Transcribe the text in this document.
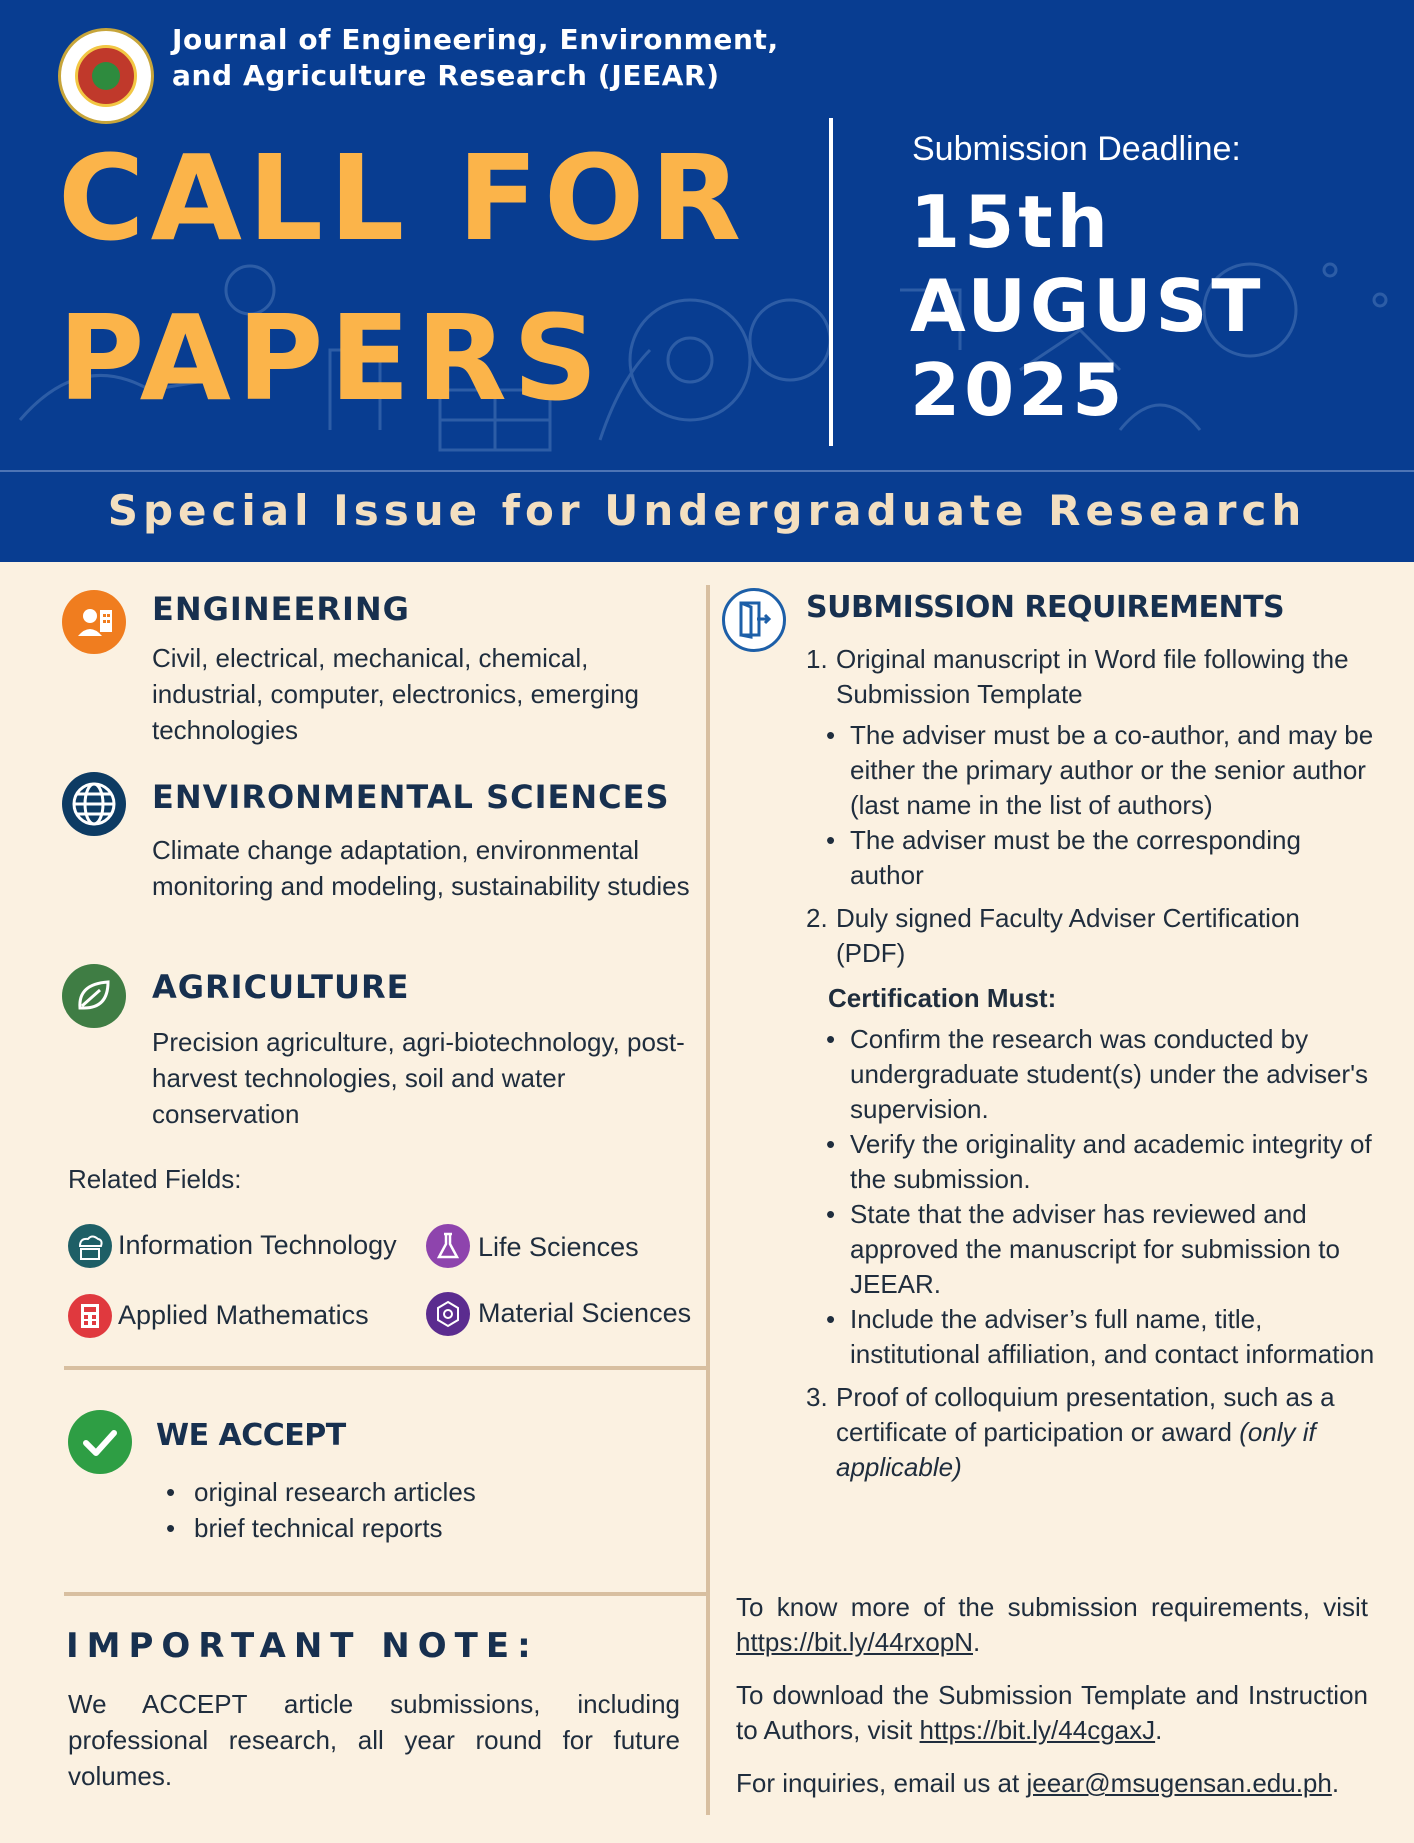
Journal of Engineering, Environment,
and Agriculture Research (JEEAR)
CALL FOR
PAPERS
Submission Deadline:
15th
AUGUST
2025
Special Issue for Undergraduate Research
ENGINEERING
Civil, electrical, mechanical, chemical, industrial, computer, electronics, emerging technologies
ENVIRONMENTAL SCIENCES
Climate change adaptation, environmental monitoring and modeling, sustainability studies
AGRICULTURE
Precision agriculture, agri-biotechnology, post-harvest technologies, soil and water conservation
Related Fields:
Information Technology	Life Sciences
Applied Mathematics	Material Sciences
WE ACCEPT
• original research articles
• brief technical reports
IMPORTANT NOTE:
We ACCEPT article submissions, including professional research, all year round for future volumes.
SUBMISSION REQUIREMENTS
1. Original manuscript in Word file following the Submission Template
• The adviser must be a co-author, and may be either the primary author or the senior author (last name in the list of authors)
• The adviser must be the corresponding author
2. Duly signed Faculty Adviser Certification (PDF)
Certification Must:
• Confirm the research was conducted by undergraduate student(s) under the adviser's supervision.
• Verify the originality and academic integrity of the submission.
• State that the adviser has reviewed and approved the manuscript for submission to JEEAR.
• Include the adviser’s full name, title, institutional affiliation, and contact information
3. Proof of colloquium presentation, such as a certificate of participation or award (only if applicable)
To know more of the submission requirements, visit https://bit.ly/44rxopN.
To download the Submission Template and Instruction to Authors, visit https://bit.ly/44cgaxJ.
For inquiries, email us at jeear@msugensan.edu.ph.
